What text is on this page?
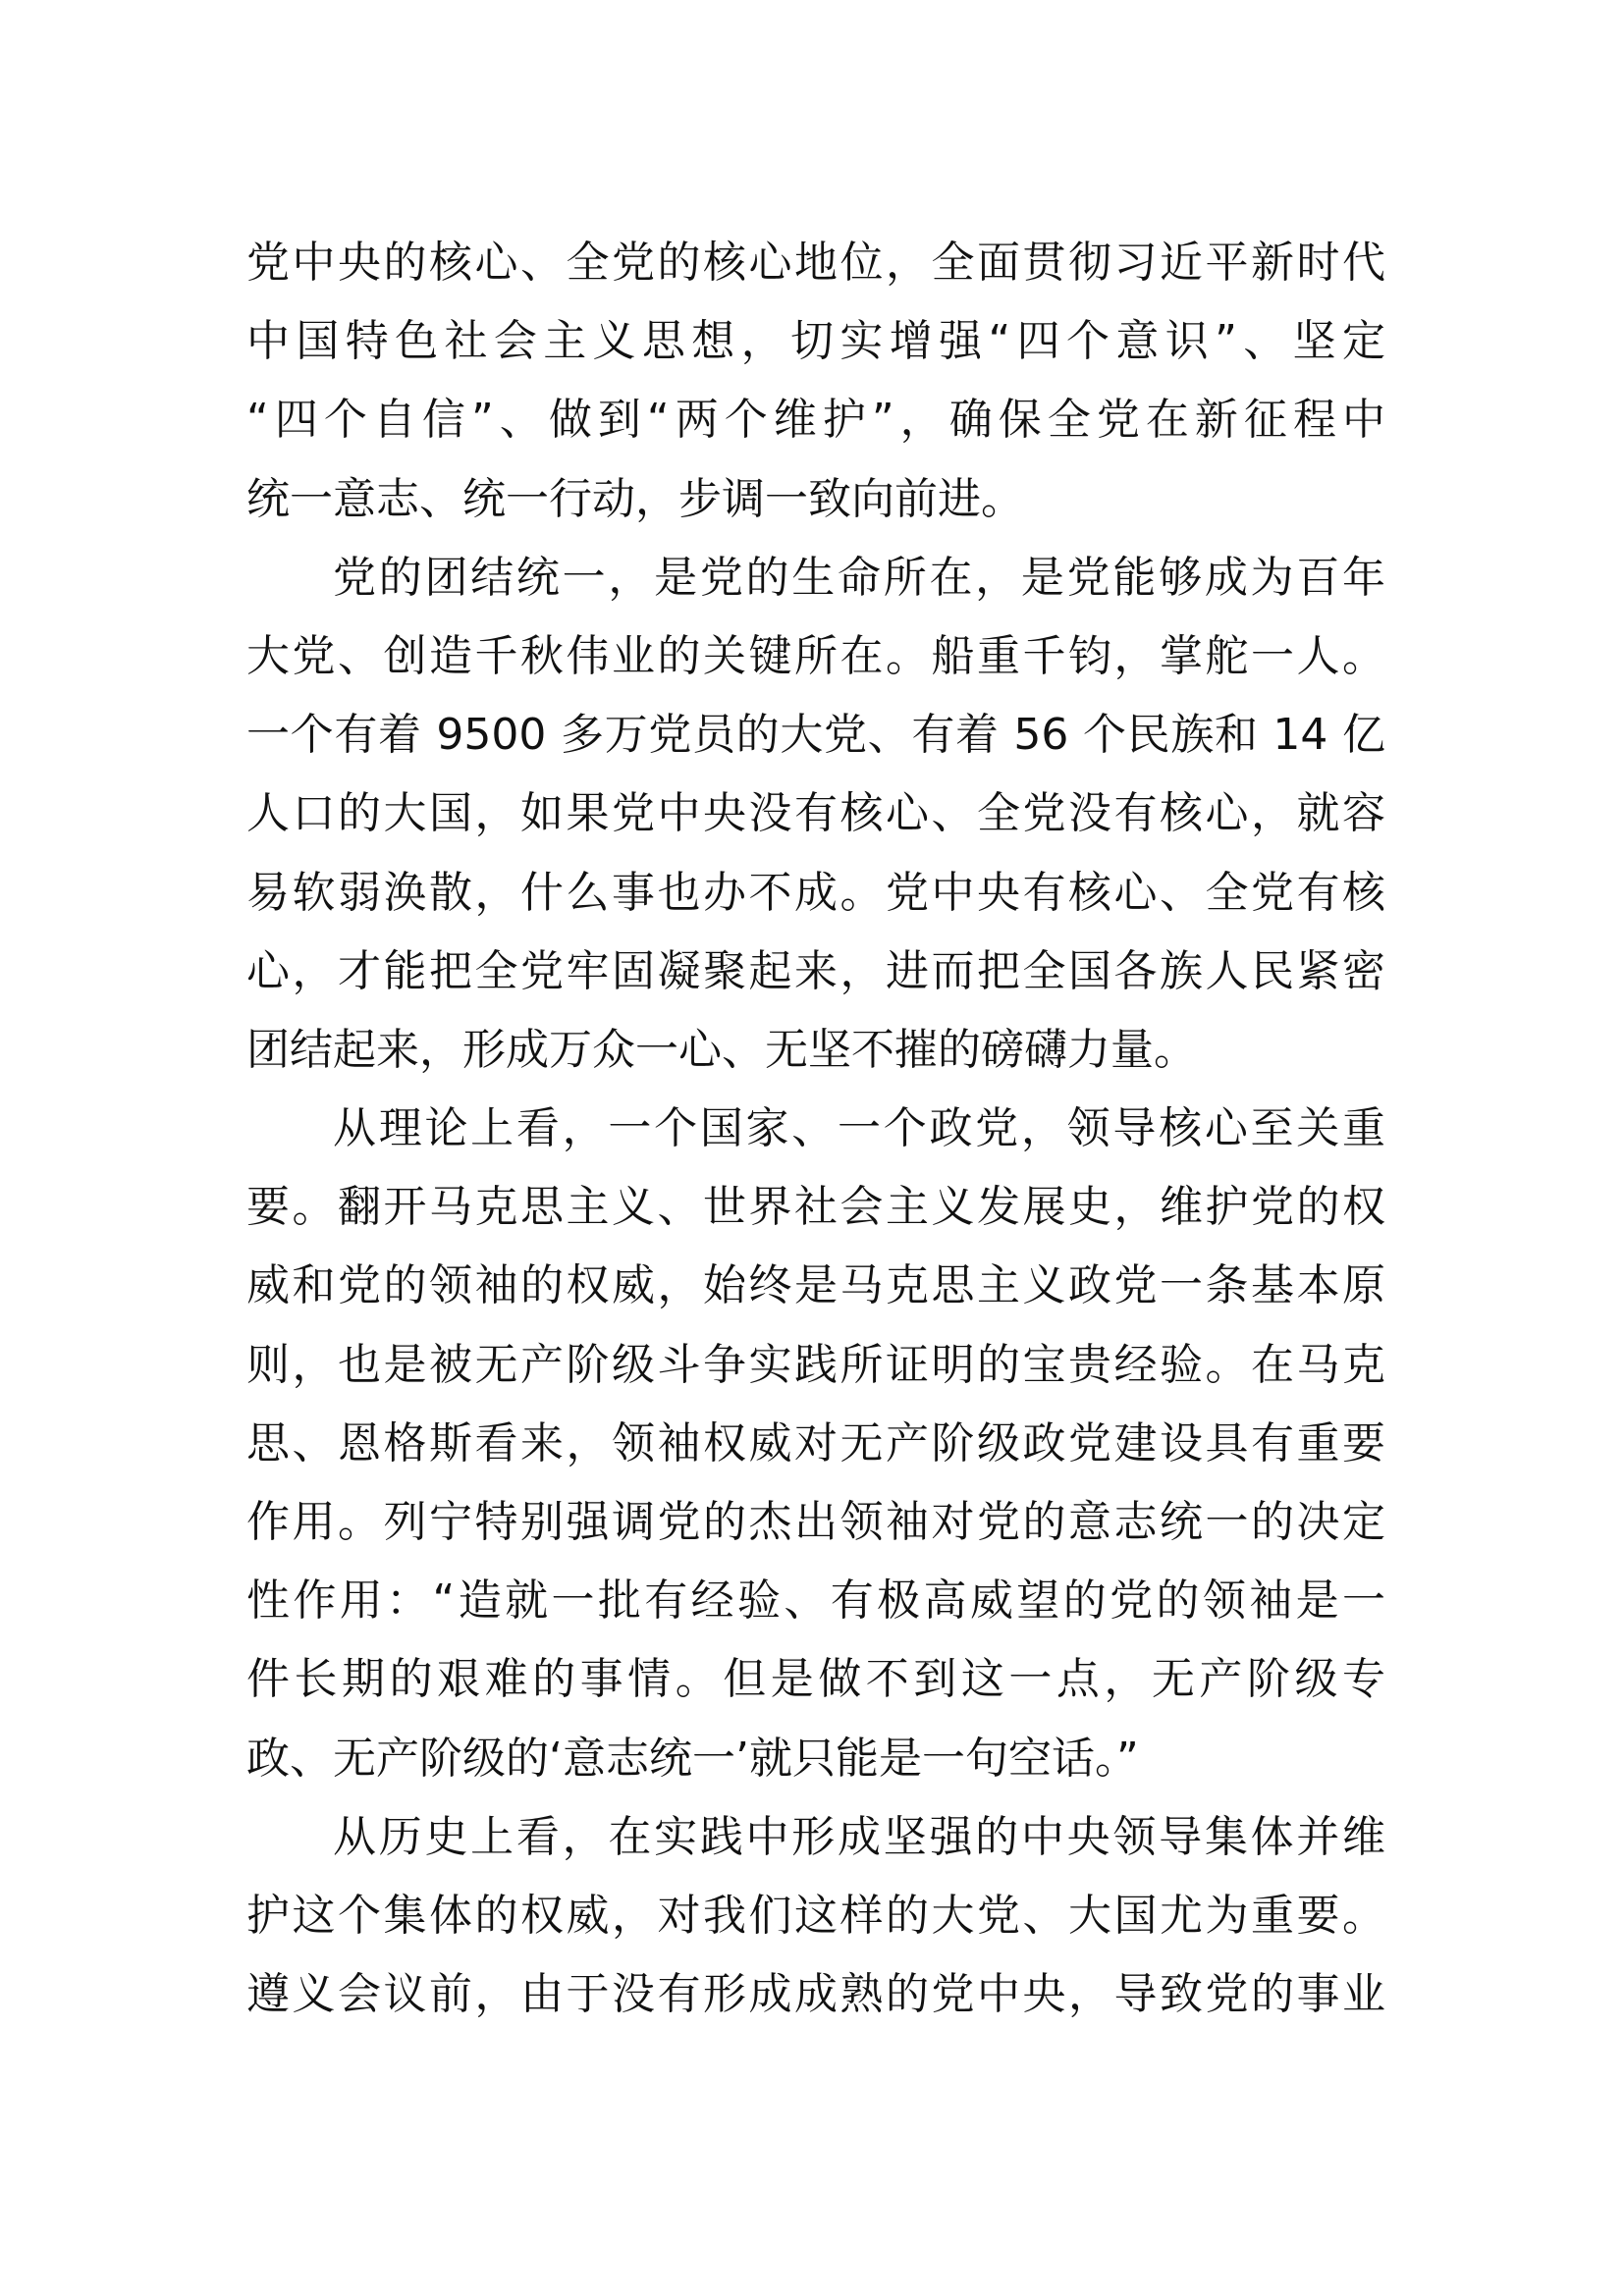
党中央的核心、全党的核心地位，全面贯彻习近平新时代
中国特色社会主义思想，切实增强“四个意识”、坚定
“四个自信”、做到“两个维护”，确保全党在新征程中
统一意志、统一行动，步调一致向前进。
党的团结统一，是党的生命所在，是党能够成为百年
大党、创造千秋伟业的关键所在。船重千钧，掌舵一人。
一个有着 9500 多万党员的大党、有着 56 个民族和 14 亿
人口的大国，如果党中央没有核心、全党没有核心，就容
易软弱涣散，什么事也办不成。党中央有核心、全党有核
心，才能把全党牢固凝聚起来，进而把全国各族人民紧密
团结起来，形成万众一心、无坚不摧的磅礴力量。
从理论上看，一个国家、一个政党，领导核心至关重
要。翻开马克思主义、世界社会主义发展史，维护党的权
威和党的领袖的权威，始终是马克思主义政党一条基本原
则，也是被无产阶级斗争实践所证明的宝贵经验。在马克
思、恩格斯看来，领袖权威对无产阶级政党建设具有重要
作用。列宁特别强调党的杰出领袖对党的意志统一的决定
性作用：“造就一批有经验、有极高威望的党的领袖是一
件长期的艰难的事情。但是做不到这一点，无产阶级专
政、无产阶级的‘意志统一’就只能是一句空话。”
从历史上看，在实践中形成坚强的中央领导集体并维
护这个集体的权威，对我们这样的大党、大国尤为重要。
遵义会议前，由于没有形成成熟的党中央，导致党的事业
